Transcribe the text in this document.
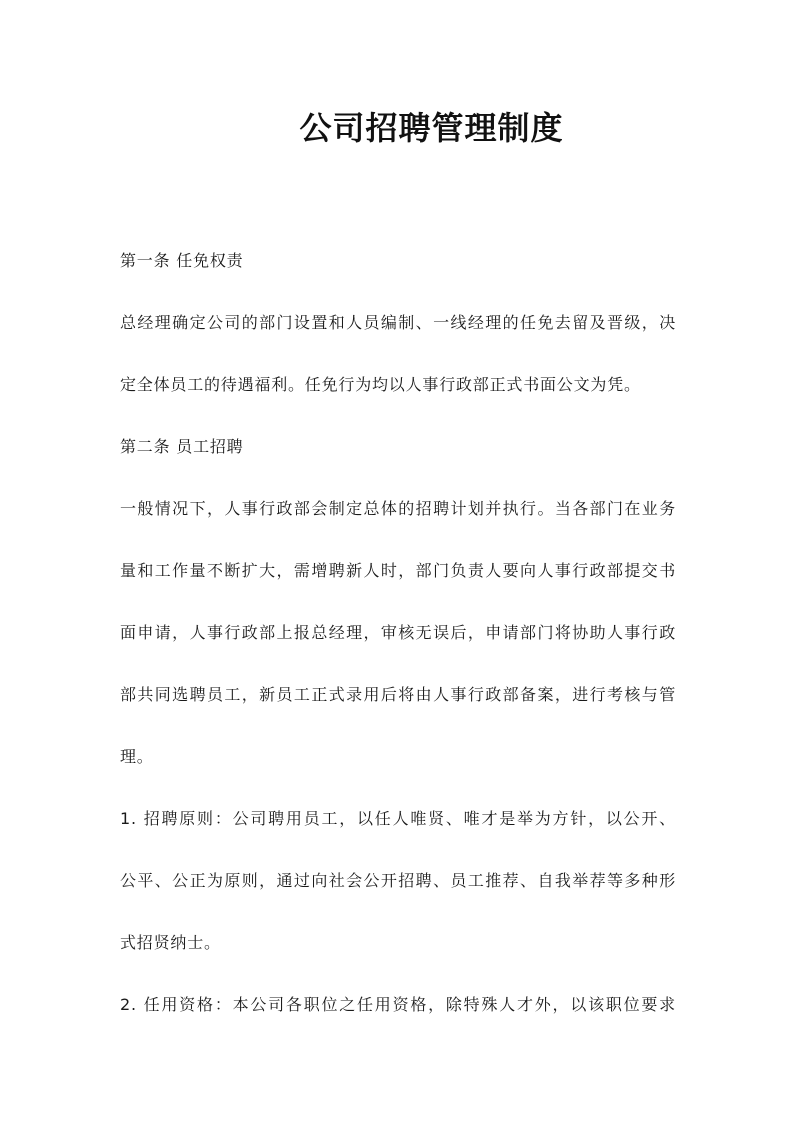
公司招聘管理制度
第一条 任免权责
总经理确定公司的部门设置和人员编制、一线经理的任免去留及晋级，决
定全体员工的待遇福利。任免行为均以人事行政部正式书面公文为凭。
第二条 员工招聘
一般情况下，人事行政部会制定总体的招聘计划并执行。当各部门在业务
量和工作量不断扩大，需增聘新人时，部门负责人要向人事行政部提交书
面申请，人事行政部上报总经理，审核无误后，申请部门将协助人事行政
部共同选聘员工，新员工正式录用后将由人事行政部备案，进行考核与管
理。
1. 招聘原则：公司聘用员工，以任人唯贤、唯才是举为方针，以公开、
公平、公正为原则，通过向社会公开招聘、员工推荐、自我举荐等多种形
式招贤纳士。
2. 任用资格：本公司各职位之任用资格，除特殊人才外，以该职位要求
